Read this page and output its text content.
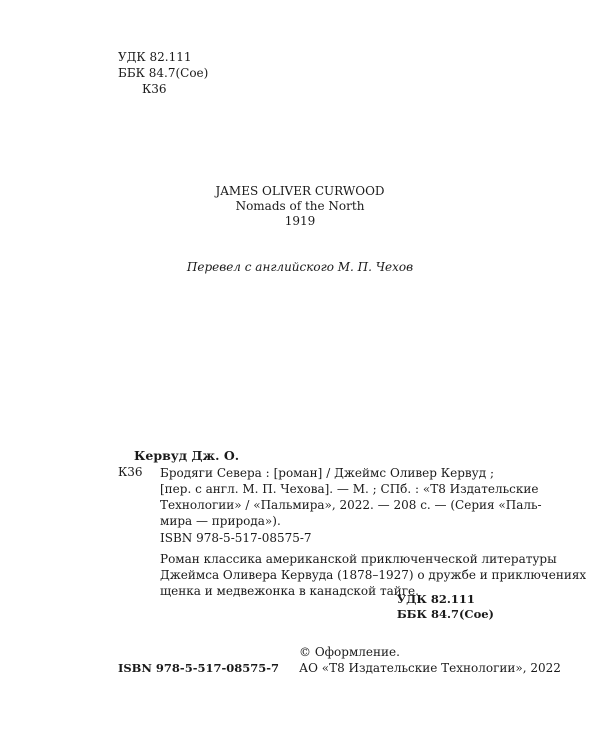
УДК 82.111
ББК 84.7(Сое)
К36
JAMES OLIVER CURWOOD
Nomads of the North
1919
Перевел с английского М. П. Чехов
Кервуд Дж. О.
К36 Бродяги Севера : [роман] / Джеймс Оливер Кервуд ;
[пер. с англ. М. П. Чехова]. — М. ; СПб. : «Т8 Издательские
Технологии» / «Пальмира», 2022. — 208 с. — (Серия «Паль-
мира — природа»).
ISBN 978-5-517-08575-7
Роман классика американской приключенческой литературы
Джеймса Оливера Кервуда (1878–1927) о дружбе и приключениях
щенка и медвежонка в канадской тайге.
УДК 82.111
ББК 84.7(Сое)
© Оформление.
ISBN 978-5-517-08575-7 АО «Т8 Издательские Технологии», 2022
